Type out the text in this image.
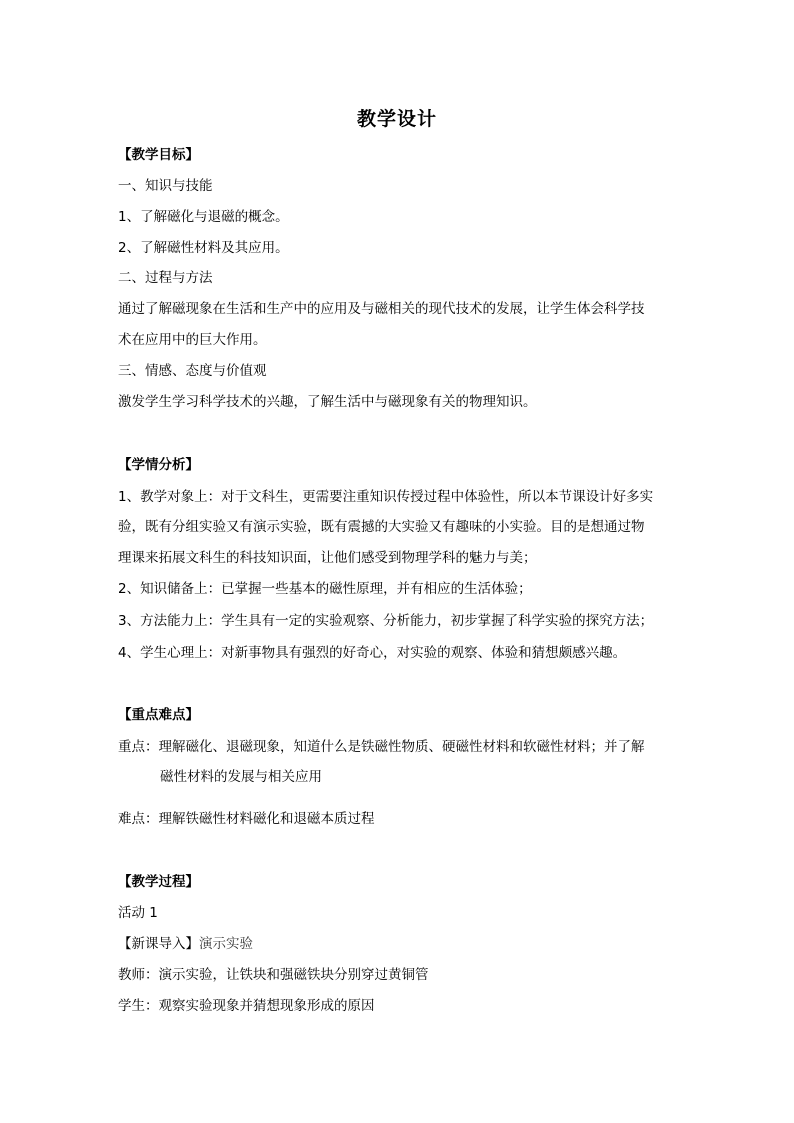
教学设计
【教学目标】
一、知识与技能
1、了解磁化与退磁的概念。
2、了解磁性材料及其应用。
二、过程与方法
通过了解磁现象在生活和生产中的应用及与磁相关的现代技术的发展，让学生体会科学技
术在应用中的巨大作用。
三、情感、态度与价值观
激发学生学习科学技术的兴趣，了解生活中与磁现象有关的物理知识。
【学情分析】
1、教学对象上：对于文科生，更需要注重知识传授过程中体验性，所以本节课设计好多实
验，既有分组实验又有演示实验，既有震撼的大实验又有趣味的小实验。目的是想通过物
理课来拓展文科生的科技知识面，让他们感受到物理学科的魅力与美；
2、知识储备上：已掌握一些基本的磁性原理，并有相应的生活体验；
3、方法能力上：学生具有一定的实验观察、分析能力，初步掌握了科学实验的探究方法；
4、学生心理上：对新事物具有强烈的好奇心，对实验的观察、体验和猜想颇感兴趣。
【重点难点】
重点：理解磁化、退磁现象，知道什么是铁磁性物质、硬磁性材料和软磁性材料；并了解
磁性材料的发展与相关应用
难点：理解铁磁性材料磁化和退磁本质过程
【教学过程】
活动 1
【新课导入】演示实验
教师：演示实验，让铁块和强磁铁块分别穿过黄铜管
学生：观察实验现象并猜想现象形成的原因
